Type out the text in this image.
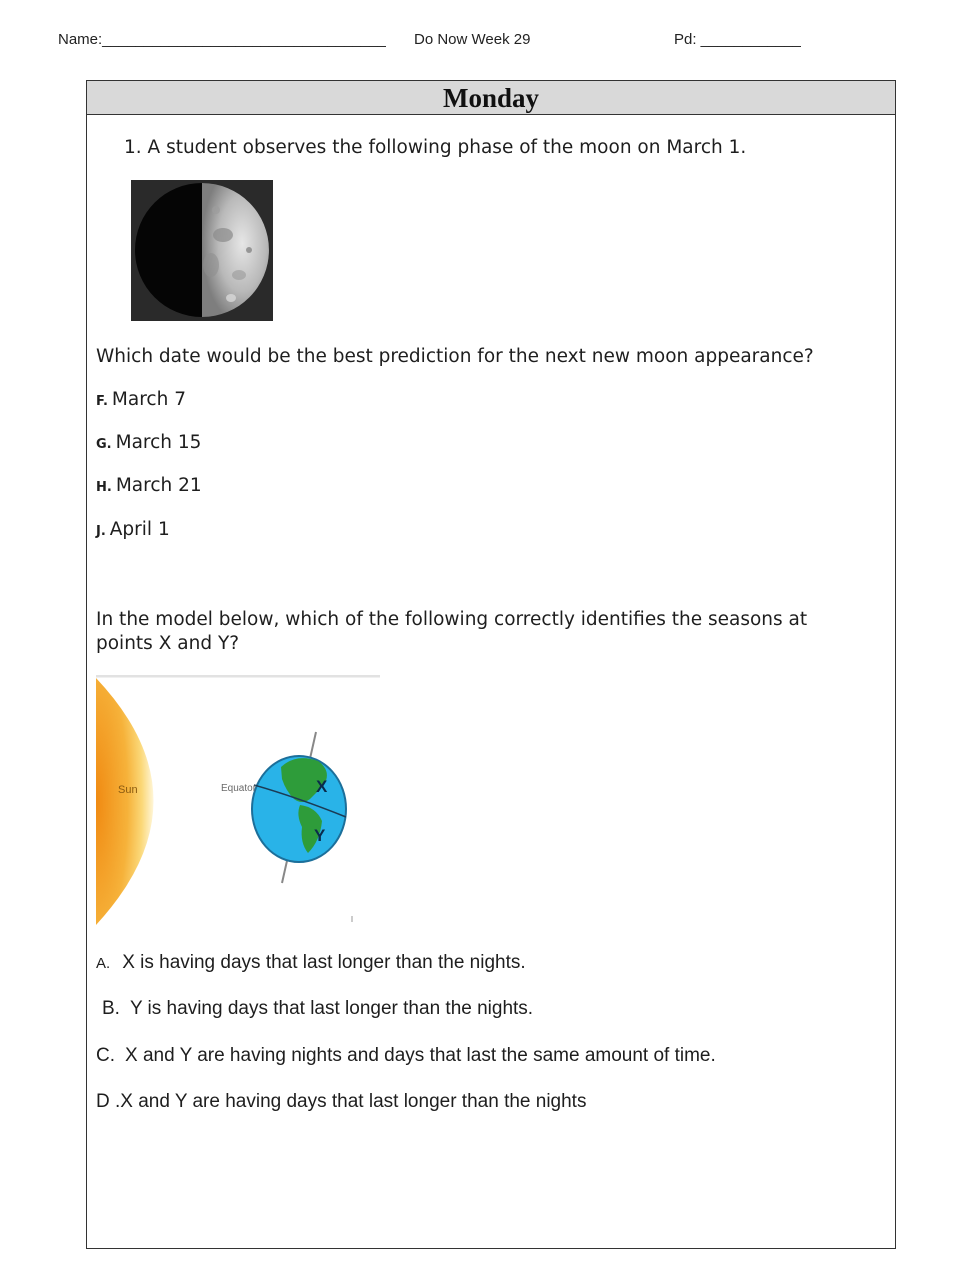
Name:__________________________________ Do Now Week 29	Pd: ____________
Monday
1. A student observes the following phase of the moon on March 1.
Which date would be the best prediction for the next new moon appearance?
F. March 7
G. March 15
H. March 21
J. April 1
In the model below, which of the following correctly identifies the seasons at points X and Y?
Sun	Equator	X
Y
A. X is having days that last longer than the nights.
B. Y is having days that last longer than the nights.
C. X and Y are having nights and days that last the same amount of time.
D .X and Y are having days that last longer than the nights
